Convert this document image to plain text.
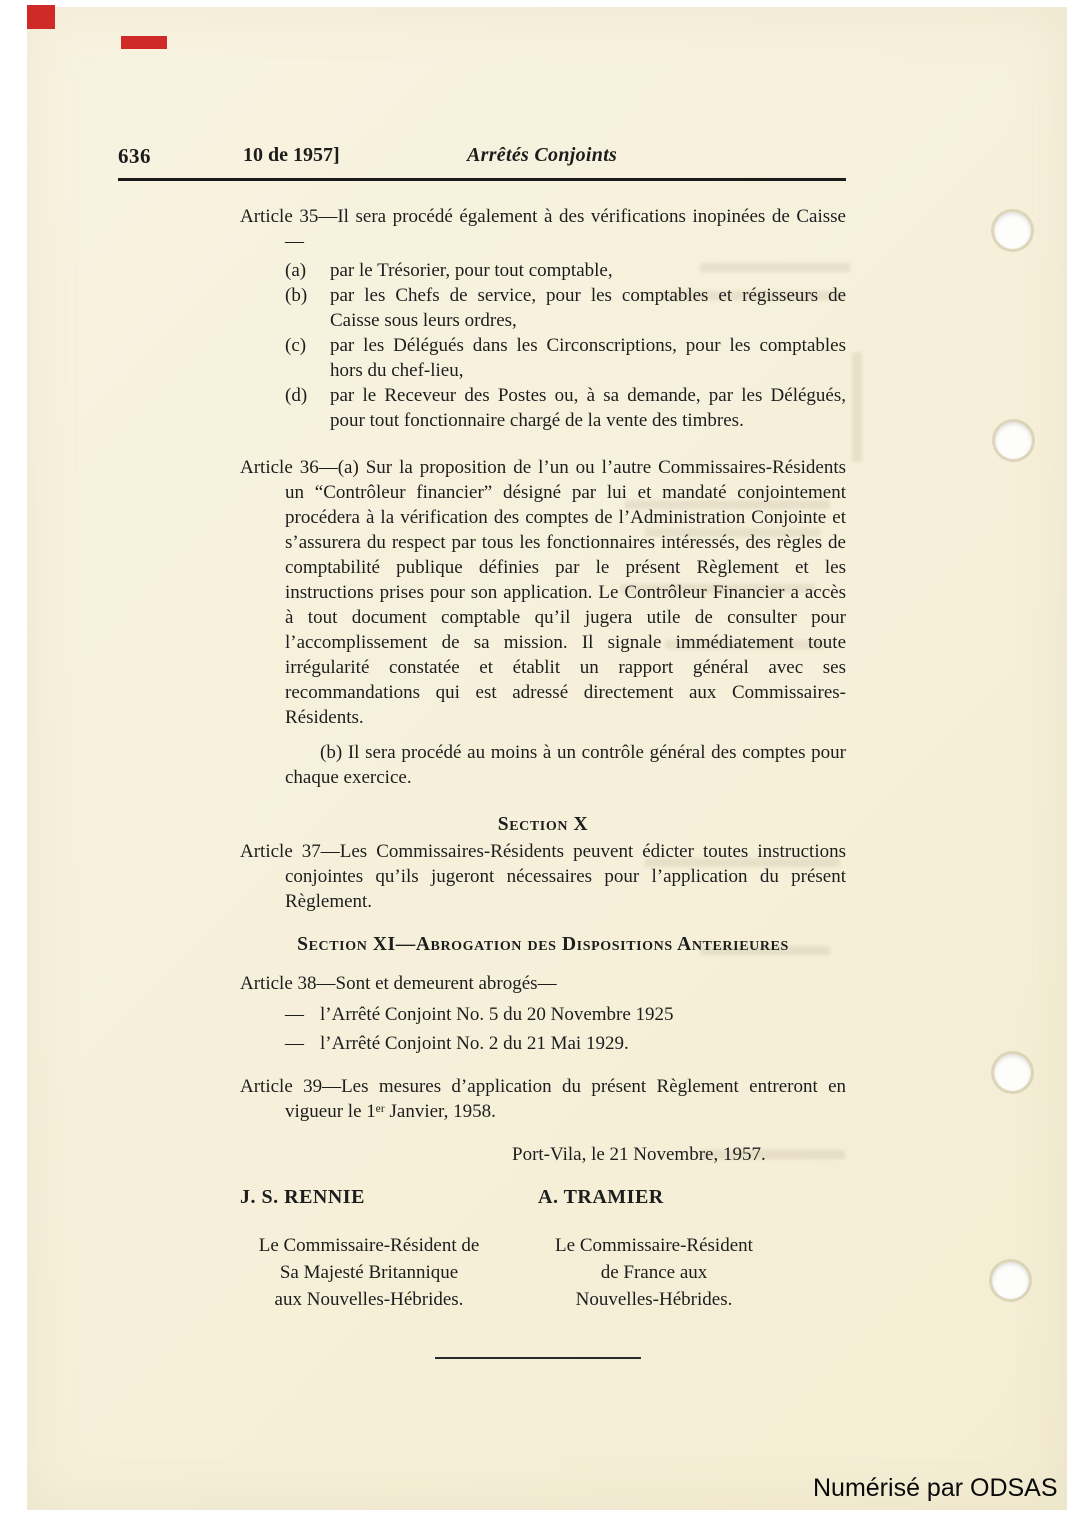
636	10 de 1957]	Arrêtés Conjoints

Article 35—Il sera procédé également à des vérifications inopinées de Caisse—

(a) par le Trésorier, pour tout comptable,

(b) par les Chefs de service, pour les comptables et régisseurs de Caisse sous leurs ordres,

(c) par les Délégués dans les Circonscriptions, pour les comptables hors du chef-lieu,

(d) par le Receveur des Postes ou, à sa demande, par les Délégués, pour tout fonctionnaire chargé de la vente des timbres.

Article 36—(a) Sur la proposition de l’un ou l’autre Commissaires-Résidents un “Contrôleur financier” désigné par lui et mandaté conjointement procédera à la vérification des comptes de l’Administration Conjointe et s’assurera du respect par tous les fonctionnaires intéressés, des règles de comptabilité publique définies par le présent Règlement et les instructions prises pour son application. Le Contrôleur Financier a accès à tout document comptable qu’il jugera utile de consulter pour l’accomplissement de sa mission. Il signale immédiatement toute irrégularité constatée et établit un rapport général avec ses recommandations qui est adressé directement aux Commissaires-Résidents.

(b) Il sera procédé au moins à un contrôle général des comptes pour chaque exercice.

Section X

Article 37—Les Commissaires-Résidents peuvent édicter toutes instructions conjointes qu’ils jugeront nécessaires pour l’application du présent Règlement.

Section XI—Abrogation des Dispositions Anterieures

Article 38—Sont et demeurent abrogés—

— l’Arrêté Conjoint No. 5 du 20 Novembre 1925

— l’Arrêté Conjoint No. 2 du 21 Mai 1929.

Article 39—Les mesures d’application du présent Règlement entreront en vigueur le 1ᵉʳ Janvier, 1958.

Port-Vila, le 21 Novembre, 1957.

J. S. RENNIE	A. TRAMIER
Le Commissaire-Résident de
Sa Majesté Britannique
aux Nouvelles-Hébrides.
Le Commissaire-Résident
de France aux
Nouvelles-Hébrides.
Numérisé par ODSAS
